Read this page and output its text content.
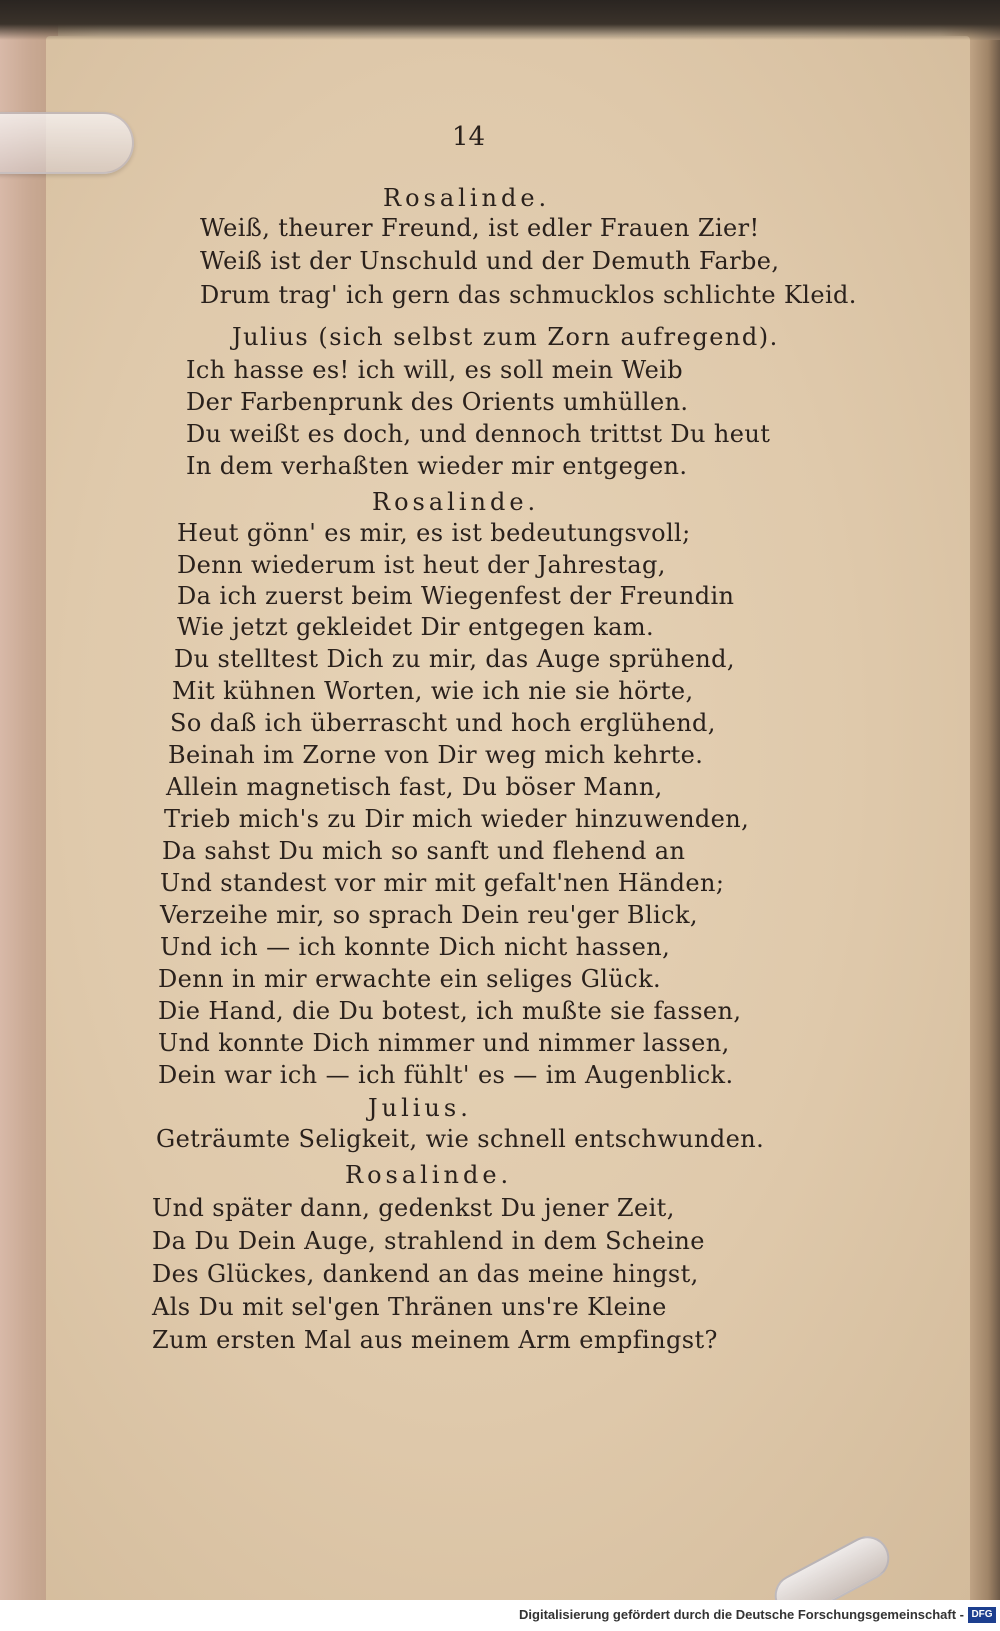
14
Rosalinde.
Weiß, theurer Freund, ist edler Frauen Zier!
Weiß ist der Unschuld und der Demuth Farbe,
Drum trag' ich gern das schmucklos schlichte Kleid.
Julius (sich selbst zum Zorn aufregend).
Ich hasse es! ich will, es soll mein Weib
Der Farbenprunk des Orients umhüllen.
Du weißt es doch, und dennoch trittst Du heut
In dem verhaßten wieder mir entgegen.
Rosalinde.
Heut gönn' es mir, es ist bedeutungsvoll;
Denn wiederum ist heut der Jahrestag,
Da ich zuerst beim Wiegenfest der Freundin
Wie jetzt gekleidet Dir entgegen kam.
Du stelltest Dich zu mir, das Auge sprühend,
Mit kühnen Worten, wie ich nie sie hörte,
So daß ich überrascht und hoch erglühend,
Beinah im Zorne von Dir weg mich kehrte.
Allein magnetisch fast, Du böser Mann,
Trieb mich's zu Dir mich wieder hinzuwenden,
Da sahst Du mich so sanft und flehend an
Und standest vor mir mit gefalt'nen Händen;
Verzeihe mir, so sprach Dein reu'ger Blick,
Und ich — ich konnte Dich nicht hassen,
Denn in mir erwachte ein seliges Glück.
Die Hand, die Du botest, ich mußte sie fassen,
Und konnte Dich nimmer und nimmer lassen,
Dein war ich — ich fühlt' es — im Augenblick.
Julius.
Geträumte Seligkeit, wie schnell entschwunden.
Rosalinde.
Und später dann, gedenkst Du jener Zeit,
Da Du Dein Auge, strahlend in dem Scheine
Des Glückes, dankend an das meine hingst,
Als Du mit sel'gen Thränen uns're Kleine
Zum ersten Mal aus meinem Arm empfingst?
Digitalisierung gefördert durch die Deutsche Forschungsgemeinschaft - DFG
